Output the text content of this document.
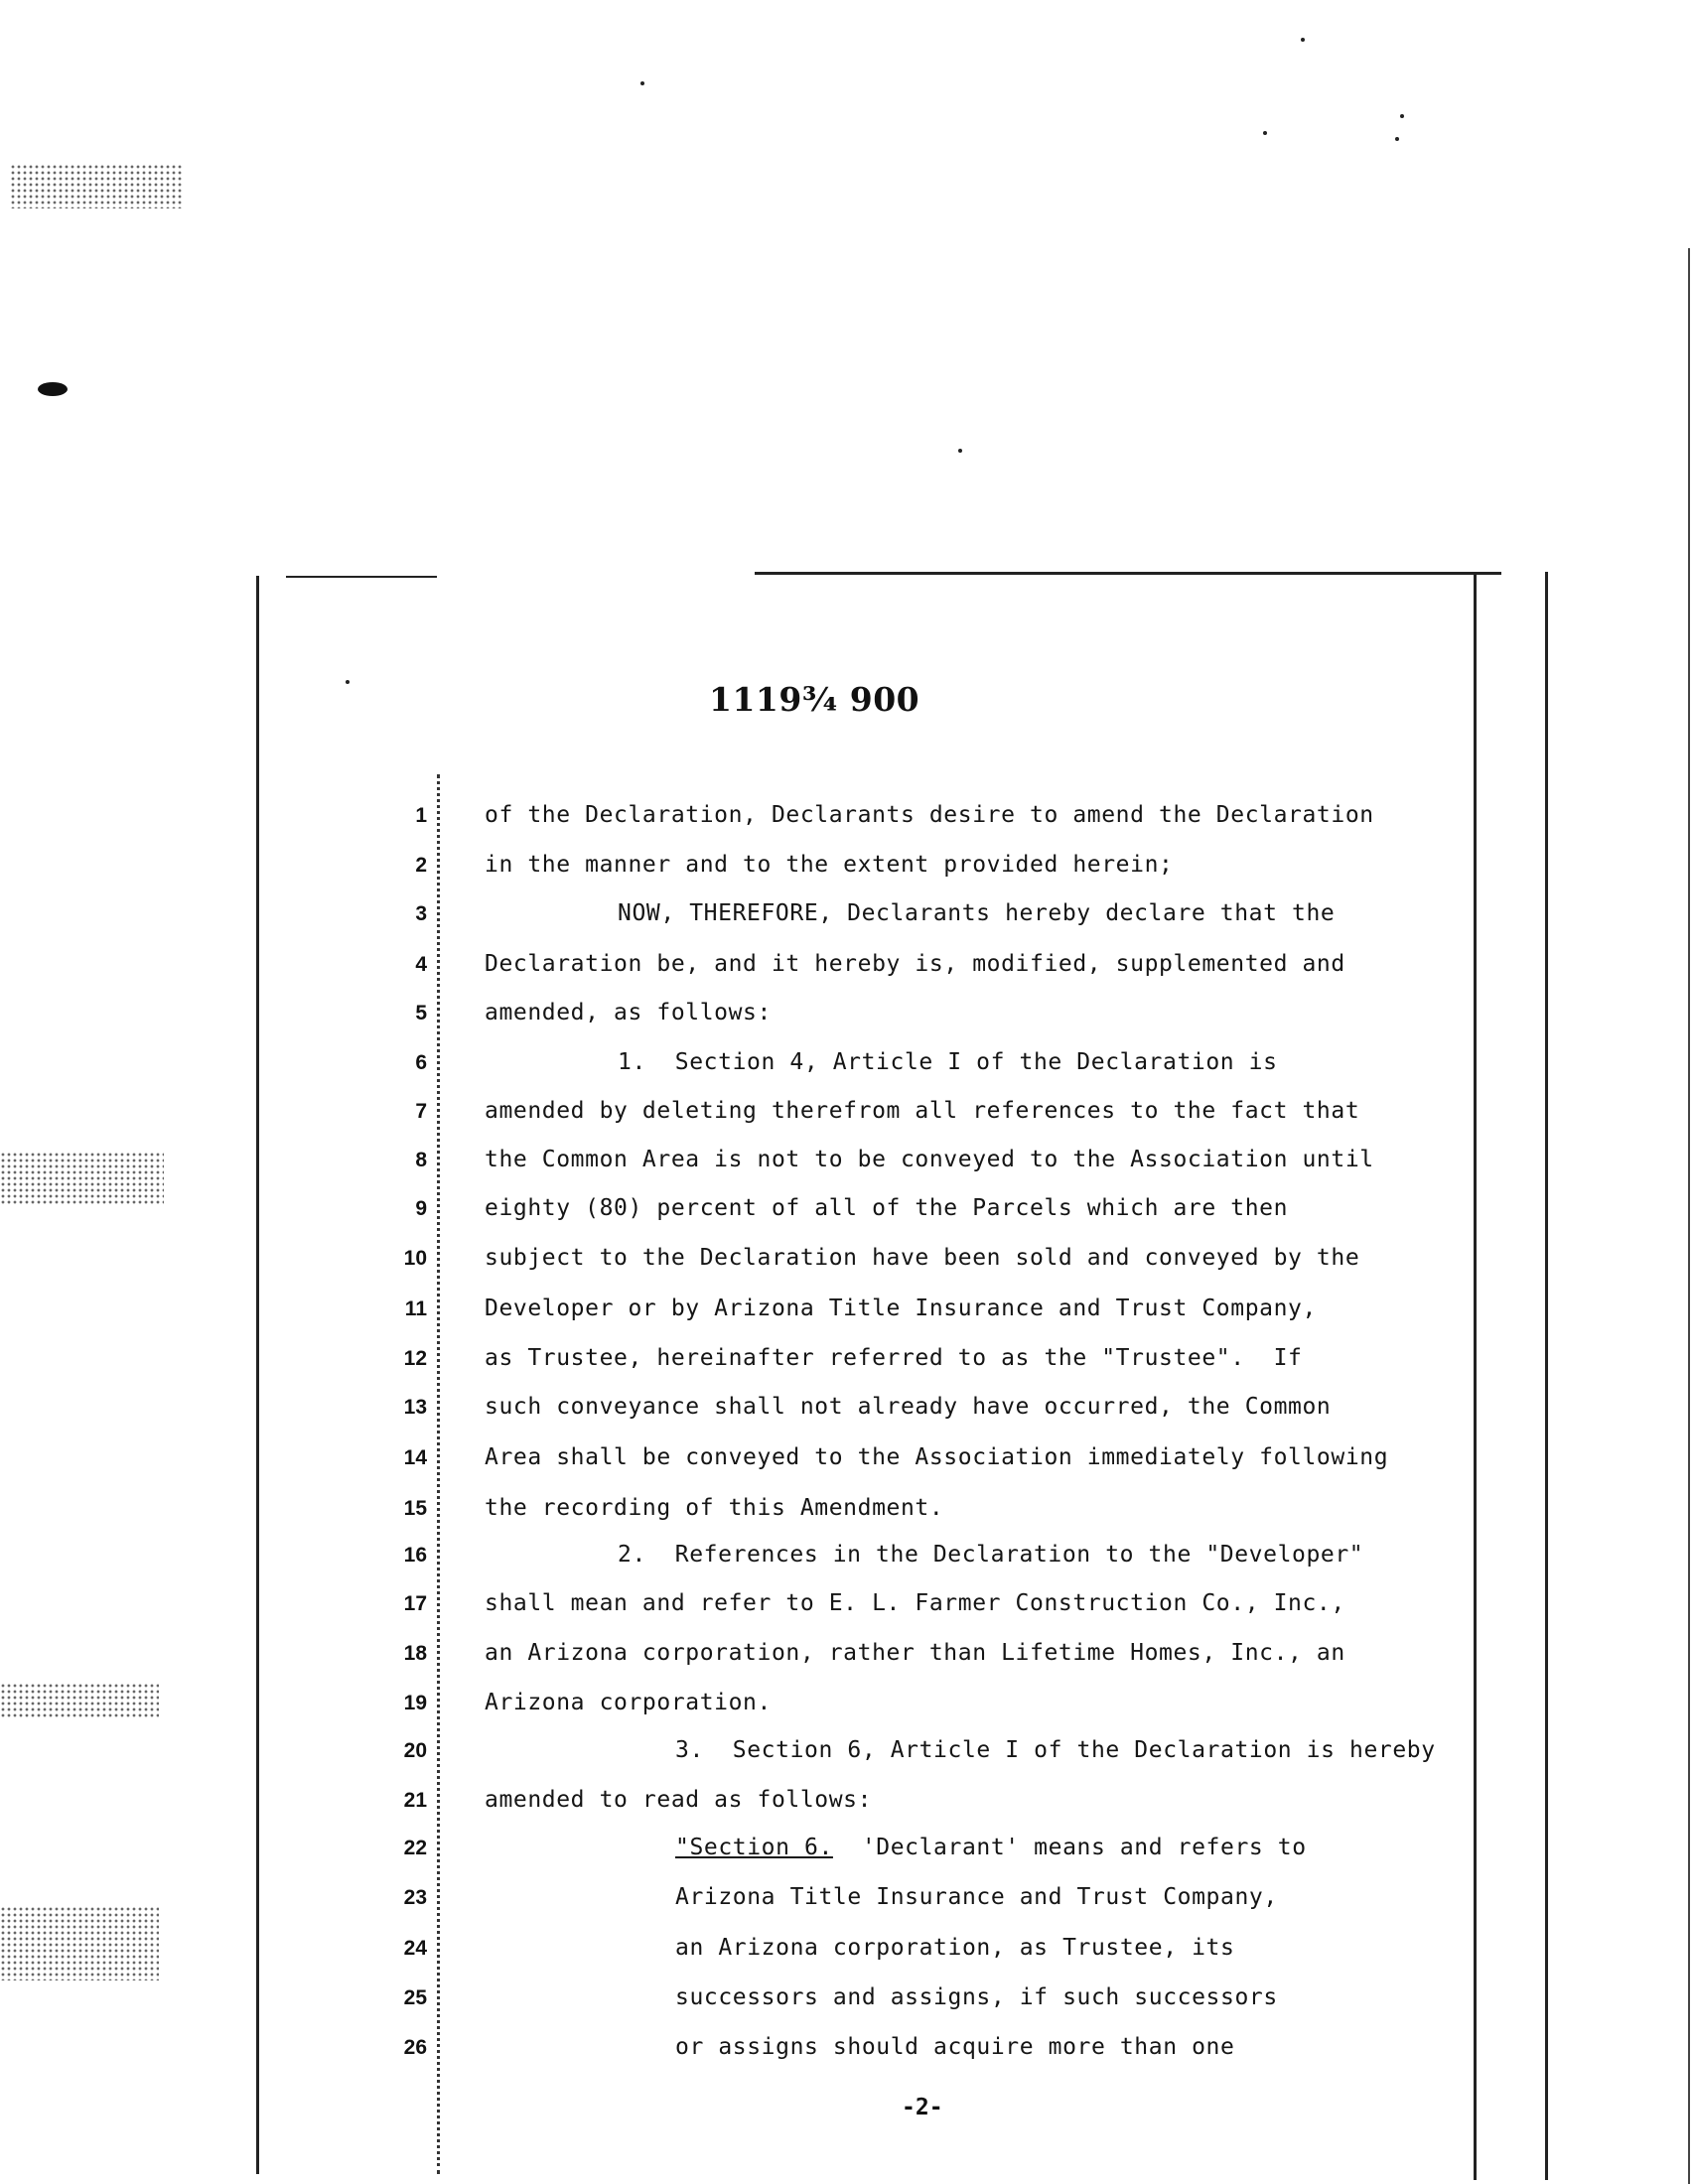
1119³⁄₄ 900
1	of the Declaration, Declarants desire to amend the Declaration
2	in the manner and to the extent provided herein;
3	NOW, THEREFORE, Declarants hereby declare that the
4	Declaration be, and it hereby is, modified, supplemented and
5	amended, as follows:
6	1.  Section 4, Article I of the Declaration is
7	amended by deleting therefrom all references to the fact that
8	the Common Area is not to be conveyed to the Association until
9	eighty (80) percent of all of the Parcels which are then
10	subject to the Declaration have been sold and conveyed by the
11	Developer or by Arizona Title Insurance and Trust Company,
12	as Trustee, hereinafter referred to as the "Trustee".  If
13	such conveyance shall not already have occurred, the Common
14	Area shall be conveyed to the Association immediately following
15	the recording of this Amendment.
16	2.  References in the Declaration to the "Developer"
17	shall mean and refer to E. L. Farmer Construction Co., Inc.,
18	an Arizona corporation, rather than Lifetime Homes, Inc., an
19	Arizona corporation.
20	3.  Section 6, Article I of the Declaration is hereby
21	amended to read as follows:
22	"Section 6.  'Declarant' means and refers to
23	Arizona Title Insurance and Trust Company,
24	an Arizona corporation, as Trustee, its
25	successors and assigns, if such successors
26	or assigns should acquire more than one
-2-
